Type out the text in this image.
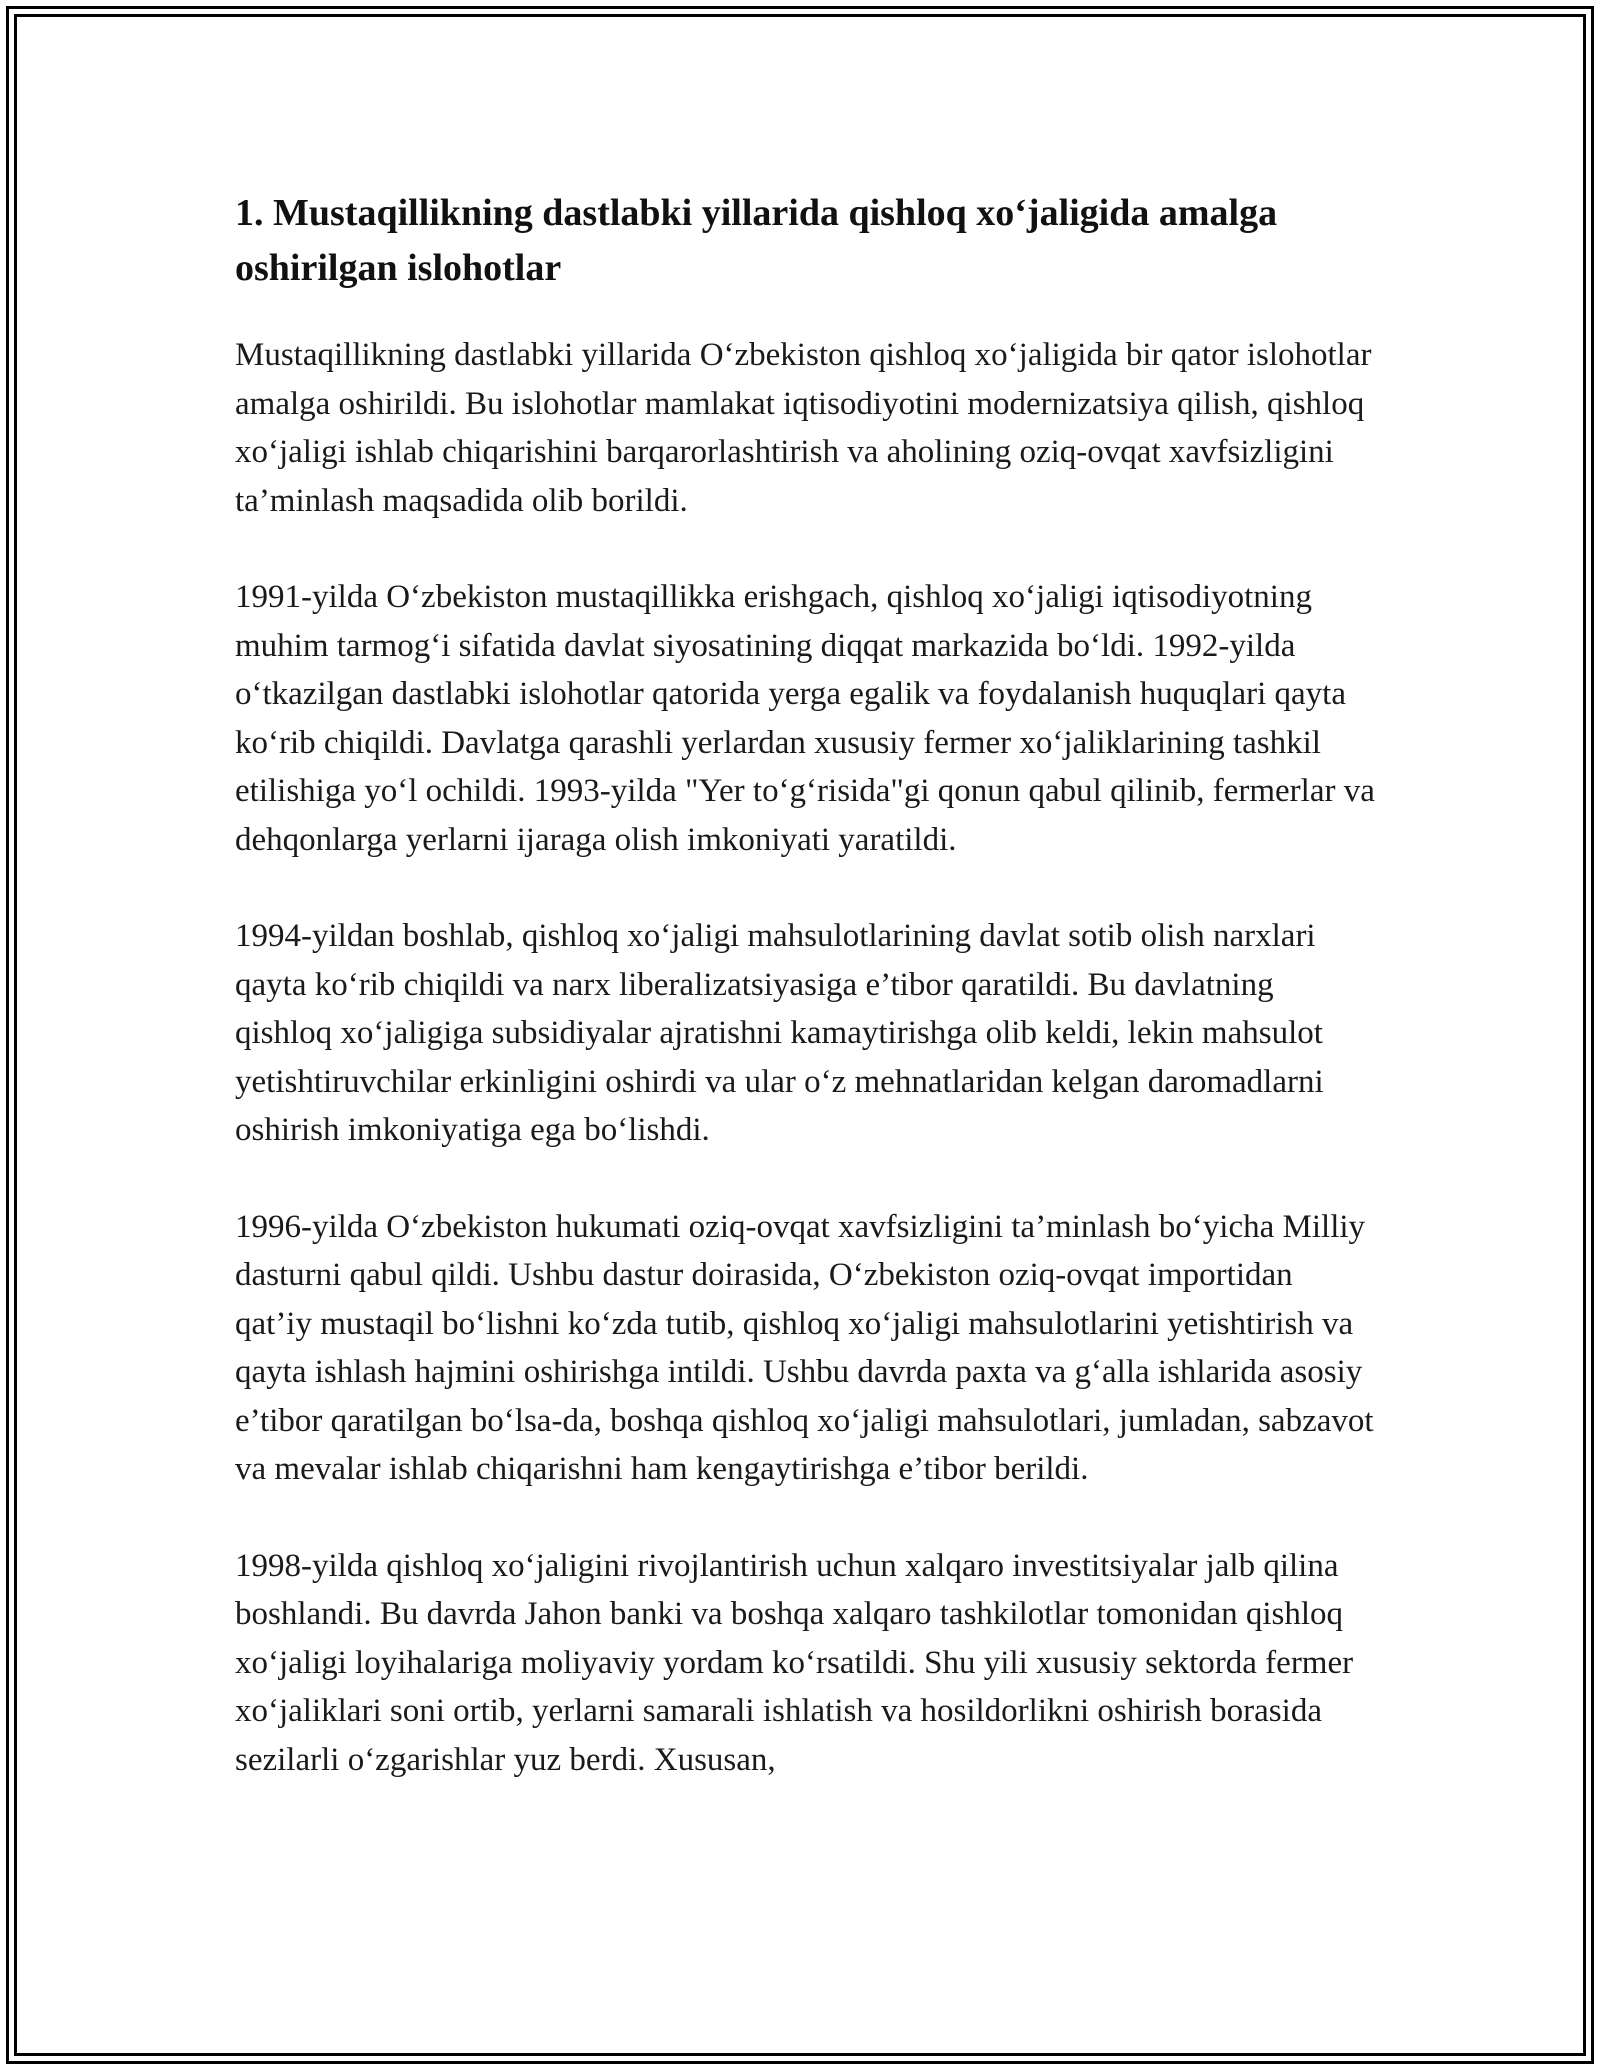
1. Mustaqillikning dastlabki yillarida qishloq xo‘jaligida amalga oshirilgan islohotlar

Mustaqillikning dastlabki yillarida O‘zbekiston qishloq xo‘jaligida bir qator islohotlar amalga oshirildi. Bu islohotlar mamlakat iqtisodiyotini modernizatsiya qilish, qishloq xo‘jaligi ishlab chiqarishini barqarorlashtirish va aholining oziq-ovqat xavfsizligini ta’minlash maqsadida olib borildi.

1991-yilda O‘zbekiston mustaqillikka erishgach, qishloq xo‘jaligi iqtisodiyotning muhim tarmog‘i sifatida davlat siyosatining diqqat markazida bo‘ldi. 1992-yilda o‘tkazilgan dastlabki islohotlar qatorida yerga egalik va foydalanish huquqlari qayta ko‘rib chiqildi. Davlatga qarashli yerlardan xususiy fermer xo‘jaliklarining tashkil etilishiga yo‘l ochildi. 1993-yilda "Yer to‘g‘risida"gi qonun qabul qilinib, fermerlar va dehqonlarga yerlarni ijaraga olish imkoniyati yaratildi.

1994-yildan boshlab, qishloq xo‘jaligi mahsulotlarining davlat sotib olish narxlari qayta ko‘rib chiqildi va narx liberalizatsiyasiga e’tibor qaratildi. Bu davlatning qishloq xo‘jaligiga subsidiyalar ajratishni kamaytirishga olib keldi, lekin mahsulot yetishtiruvchilar erkinligini oshirdi va ular o‘z mehnatlaridan kelgan daromadlarni oshirish imkoniyatiga ega bo‘lishdi.

1996-yilda O‘zbekiston hukumati oziq-ovqat xavfsizligini ta’minlash bo‘yicha Milliy dasturni qabul qildi. Ushbu dastur doirasida, O‘zbekiston oziq-ovqat importidan qat’iy mustaqil bo‘lishni ko‘zda tutib, qishloq xo‘jaligi mahsulotlarini yetishtirish va qayta ishlash hajmini oshirishga intildi. Ushbu davrda paxta va g‘alla ishlarida asosiy e’tibor qaratilgan bo‘lsa-da, boshqa qishloq xo‘jaligi mahsulotlari, jumladan, sabzavot va mevalar ishlab chiqarishni ham kengaytirishga e’tibor berildi.

1998-yilda qishloq xo‘jaligini rivojlantirish uchun xalqaro investitsiyalar jalb qilina boshlandi. Bu davrda Jahon banki va boshqa xalqaro tashkilotlar tomonidan qishloq xo‘jaligi loyihalariga moliyaviy yordam ko‘rsatildi. Shu yili xususiy sektorda fermer xo‘jaliklari soni ortib, yerlarni samarali ishlatish va hosildorlikni oshirish borasida sezilarli o‘zgarishlar yuz berdi. Xususan,
